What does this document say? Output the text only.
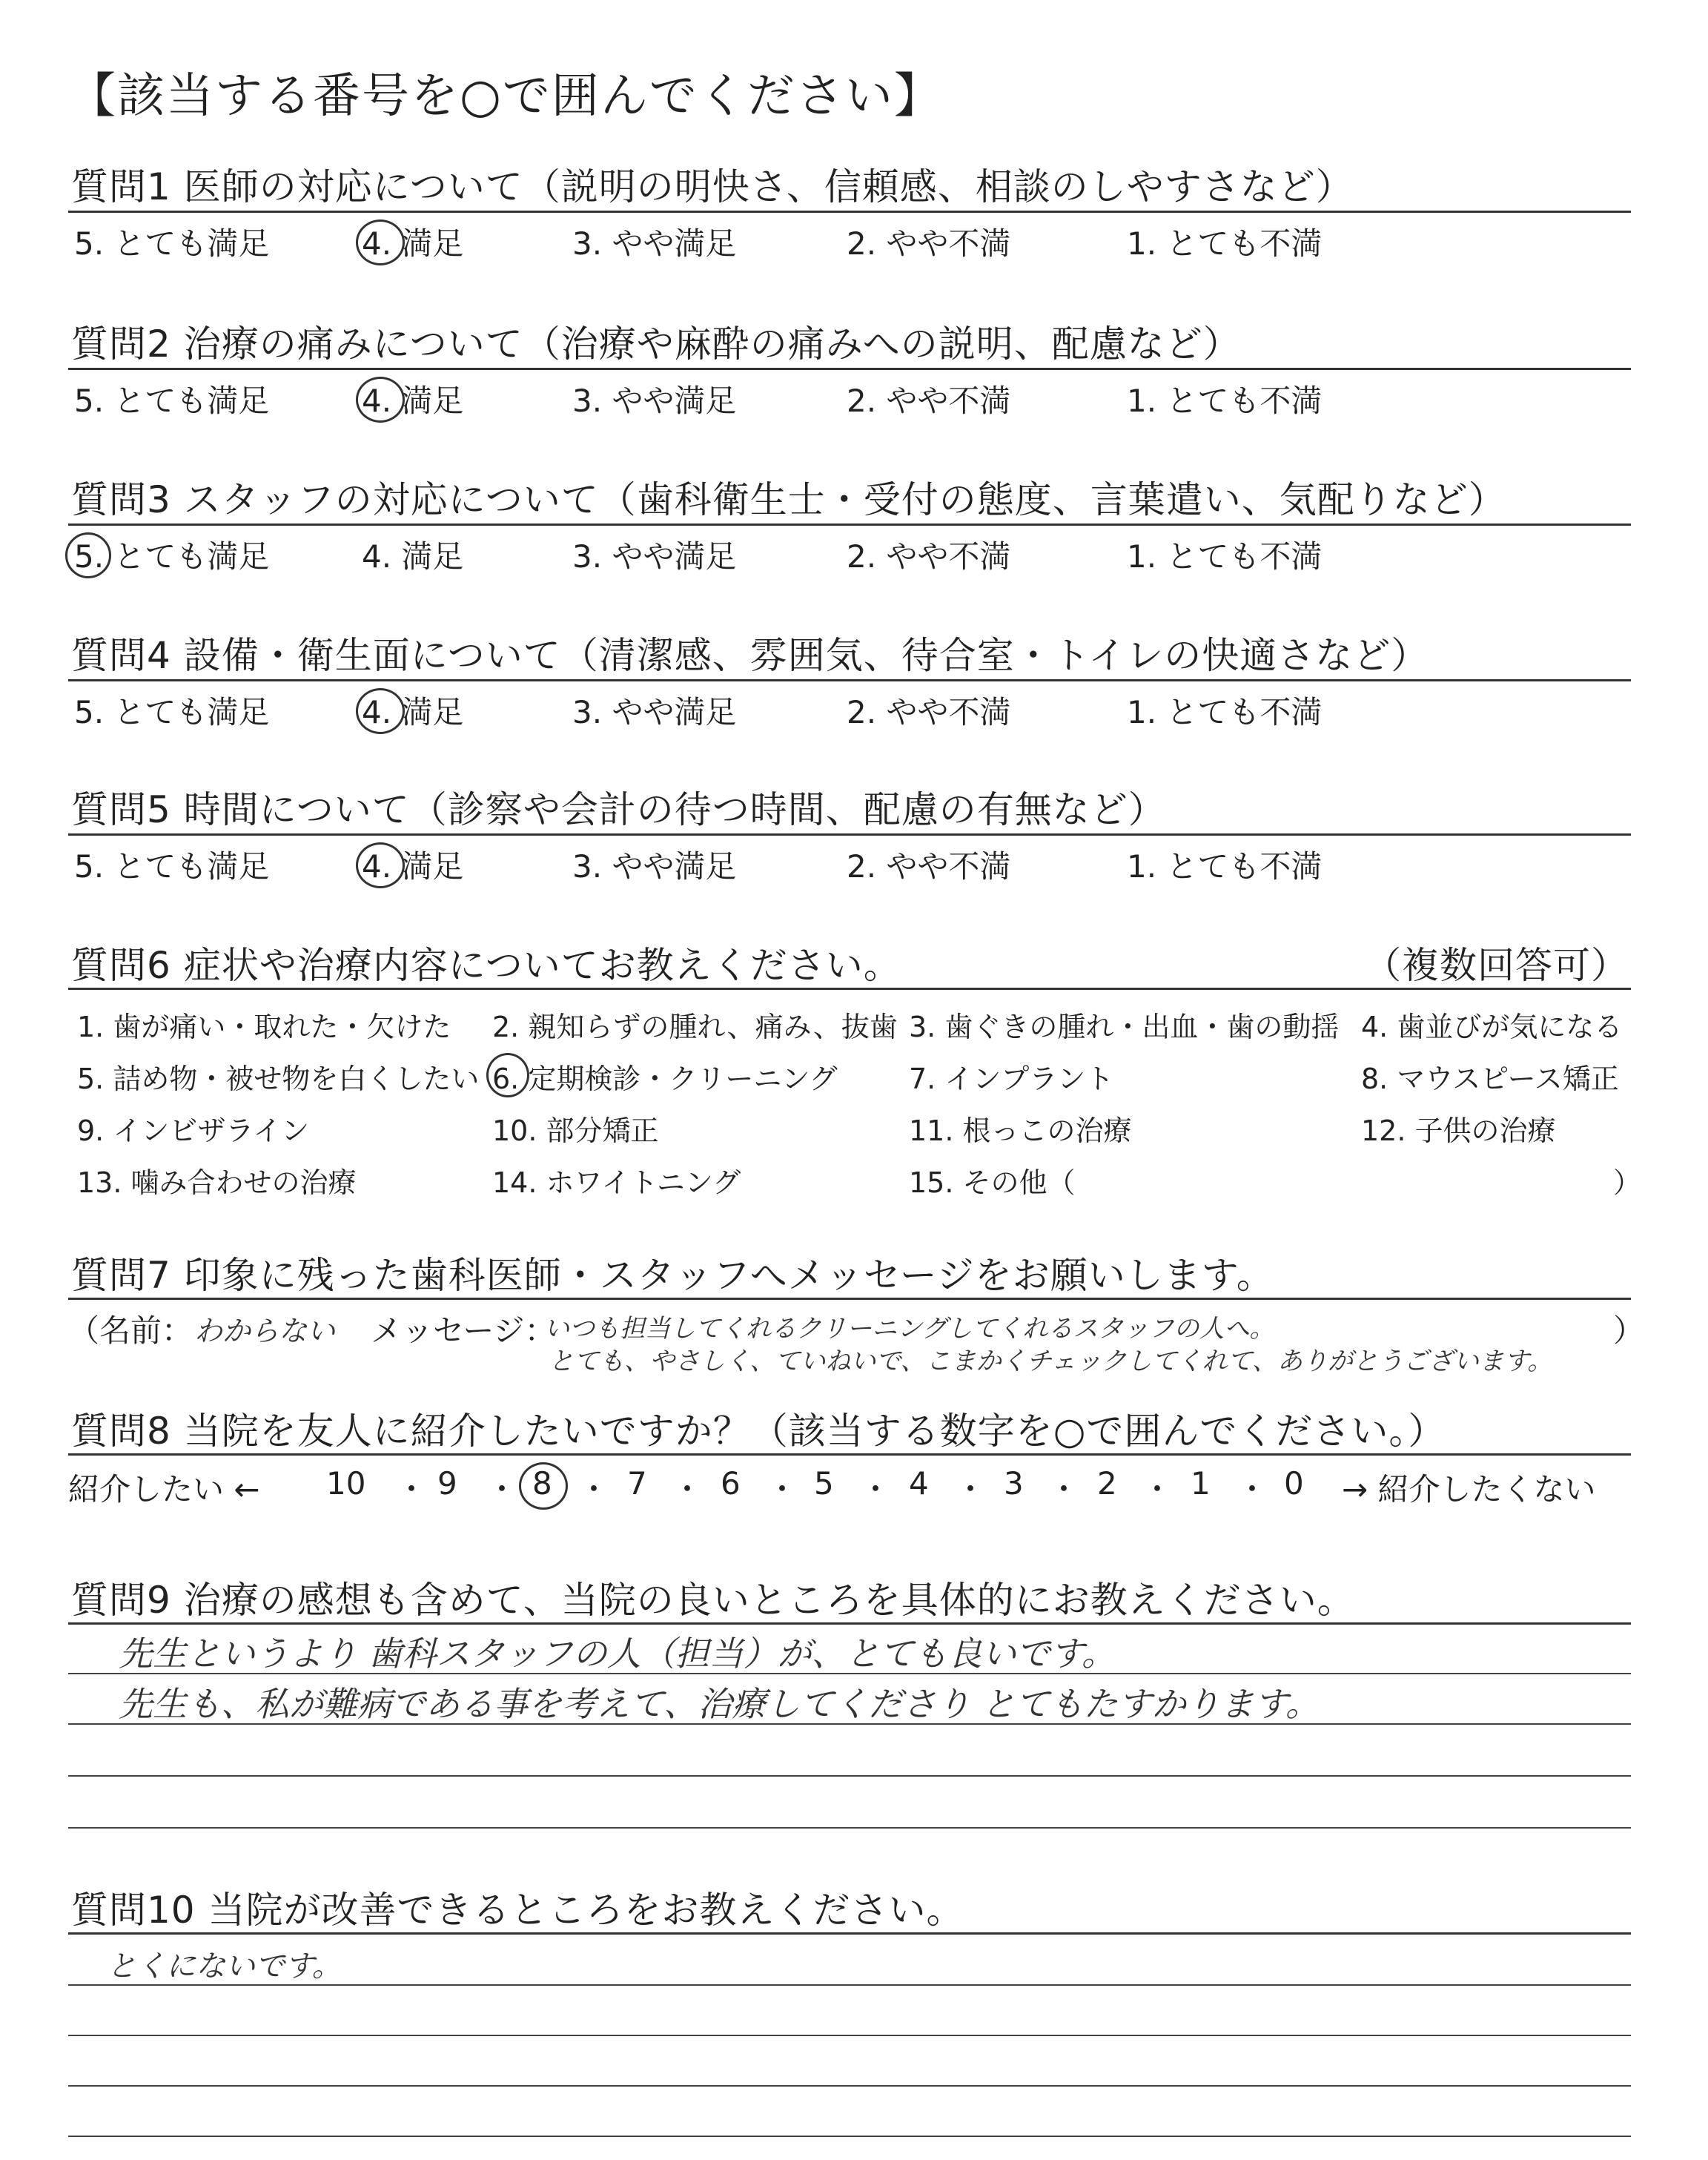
【該当する番号を○で囲んでください】
質問1 医師の対応について（説明の明快さ、信頼感、相談のしやすさなど）
5. とても満足	4. 満足	3. やや満足	2. やや不満	1. とても不満
質問2 治療の痛みについて（治療や麻酔の痛みへの説明、配慮など）
5. とても満足	4. 満足	3. やや満足	2. やや不満	1. とても不満
質問3 スタッフの対応について（歯科衛生士・受付の態度、言葉遣い、気配りなど）
5. とても満足	4. 満足	3. やや満足	2. やや不満	1. とても不満
質問4 設備・衛生面について（清潔感、雰囲気、待合室・トイレの快適さなど）
5. とても満足	4. 満足	3. やや満足	2. やや不満	1. とても不満
質問5 時間について（診察や会計の待つ時間、配慮の有無など）
5. とても満足	4. 満足	3. やや満足	2. やや不満	1. とても不満
質問6 症状や治療内容についてお教えください。	（複数回答可）
1. 歯が痛い・取れた・欠けた 2. 親知らずの腫れ、痛み、抜歯 3. 歯ぐきの腫れ・出血・歯の動揺 4. 歯並びが気になる
5. 詰め物・被せ物を白くしたい 6. 定期検診・クリーニング	7. インプラント	8. マウスピース矯正
9. インビザライン	10. 部分矯正	11. 根っこの治療	12. 子供の治療
13. 噛み合わせの治療	14. ホワイトニング	15. その他（	）
質問7 印象に残った歯科医師・スタッフへメッセージをお願いします。
（名前： わからない メッセージ：
いつも担当してくれるクリーニングしてくれるスタッフの人へ。
とても、やさしく、ていねいで、こまかくチェックしてくれて、ありがとうございます。
）
質問8 当院を友人に紹介したいですか？（該当する数字を○で囲んでください。）
紹介したい ← 10 ・ 9 ・ 8 ・ 7 ・ 6 ・ 5 ・ 4 ・ 3 ・ 2 ・ 1 ・ 0 → 紹介したくない
質問9 治療の感想も含めて、当院の良いところを具体的にお教えください。
先生というより 歯科スタッフの人（担当）が、とても良いです。
先生も、私が難病である事を考えて、治療してくださり とてもたすかります。
質問10 当院が改善できるところをお教えください。
とくにないです。
